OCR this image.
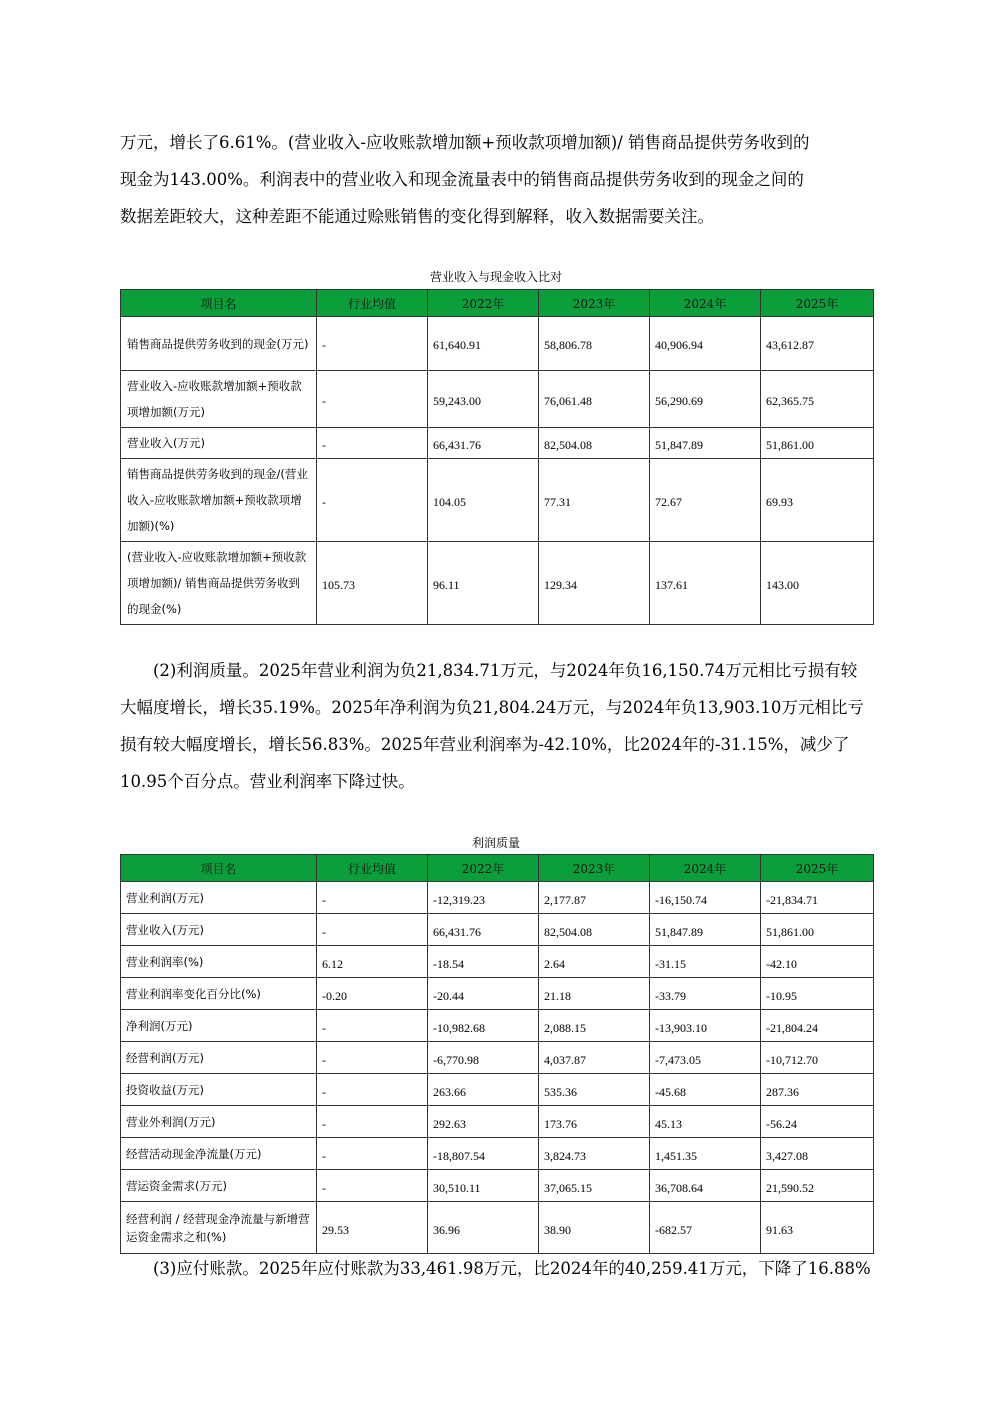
万元，增长了6.61%。(营业收入-应收账款增加额+预收款项增加额)/ 销售商品提供劳务收到的

现金为143.00%。利润表中的营业收入和现金流量表中的销售商品提供劳务收到的现金之间的

数据差距较大，这种差距不能通过赊账销售的变化得到解释，收入数据需要关注。

营业收入与现金收入比对
项目名	行业均值	2022年	2023年	2024年	2025年
销售商品提供劳务收到的现金(万元)	-	61,640.91	58,806.78	40,906.94	43,612.87
营业收入-应收账款增加额+预收款项增加额(万元)	-	59,243.00	76,061.48	56,290.69	62,365.75
营业收入(万元)	-	66,431.76	82,504.08	51,847.89	51,861.00
销售商品提供劳务收到的现金/(营业收入-应收账款增加额+预收款项增加额)(%)	-	104.05	77.31	72.67	69.93
(营业收入-应收账款增加额+预收款项增加额)/ 销售商品提供劳务收到的现金(%)	105.73	96.11	129.34	137.61	143.00

(2)利润质量。2025年营业利润为负21,834.71万元，与2024年负16,150.74万元相比亏损有较

大幅度增长，增长35.19%。2025年净利润为负21,804.24万元，与2024年负13,903.10万元相比亏

损有较大幅度增长，增长56.83%。2025年营业利润率为-42.10%，比2024年的-31.15%，减少了

10.95个百分点。营业利润率下降过快。

利润质量
项目名	行业均值	2022年	2023年	2024年	2025年
营业利润(万元)	-	-12,319.23	2,177.87	-16,150.74	-21,834.71
营业收入(万元)	-	66,431.76	82,504.08	51,847.89	51,861.00
营业利润率(%)	6.12	-18.54	2.64	-31.15	-42.10
营业利润率变化百分比(%)	-0.20	-20.44	21.18	-33.79	-10.95
净利润(万元)	-	-10,982.68	2,088.15	-13,903.10	-21,804.24
经营利润(万元)	-	-6,770.98	4,037.87	-7,473.05	-10,712.70
投资收益(万元)	-	263.66	535.36	-45.68	287.36
营业外利润(万元)	-	292.63	173.76	45.13	-56.24
经营活动现金净流量(万元)	-	-18,807.54	3,824.73	1,451.35	3,427.08
营运资金需求(万元)	-	30,510.11	37,065.15	36,708.64	21,590.52
经营利润 / 经营现金净流量与新增营运资金需求之和(%)	29.53	36.96	38.90	-682.57	91.63

(3)应付账款。2025年应付账款为33,461.98万元，比2024年的40,259.41万元，下降了16.88%
